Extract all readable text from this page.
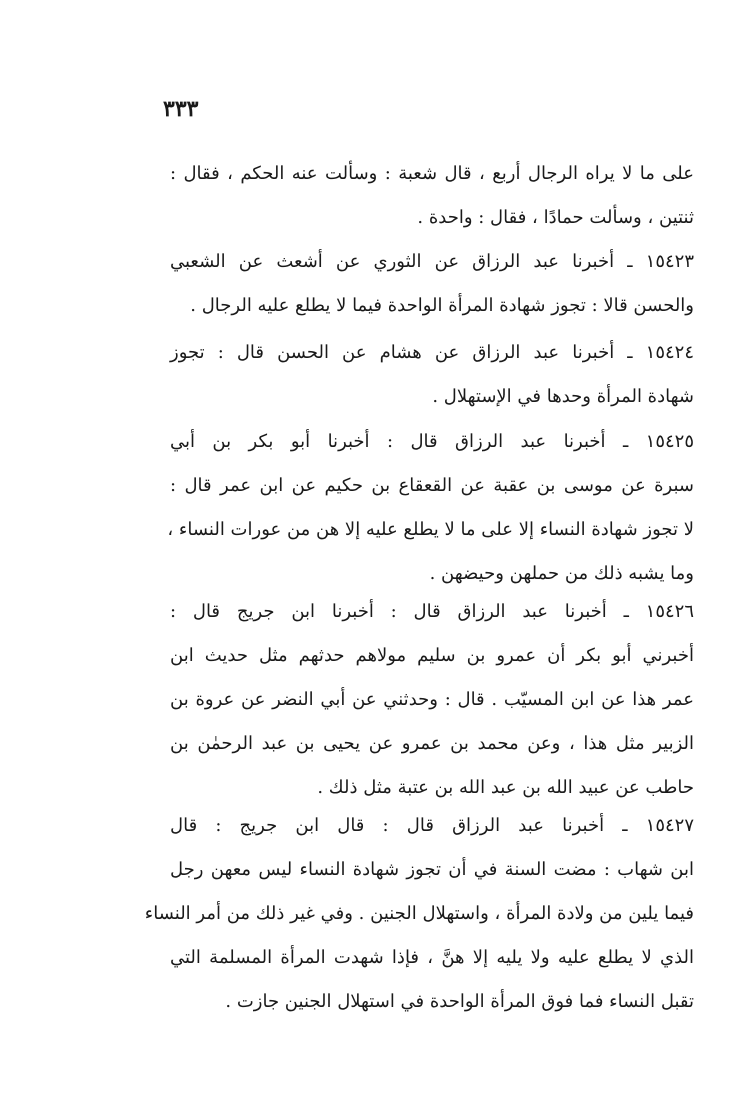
٣٣٣
على ما لا يراه الرجال أربع ، قال شعبة : وسألت عنه الحكم ، فقال :
ثنتين ، وسألت حمادًا ، فقال : واحدة .
١٥٤٢٣ ـ أخبرنا عبد الرزاق عن الثوري عن أشعث عن الشعبي
والحسن قالا : تجوز شهادة المرأة الواحدة فيما لا يطلع عليه الرجال .
١٥٤٢٤ ـ أخبرنا عبد الرزاق عن هشام عن الحسن قال : تجوز
شهادة المرأة وحدها في الإستهلال .
١٥٤٢٥ ـ أخبرنا عبد الرزاق قال : أخبرنا أبو بكر بن أبي
سبرة عن موسى بن عقبة عن القعقاع بن حكيم عن ابن عمر قال :
لا تجوز شهادة النساء إلا على ما لا يطلع عليه إلا هن من عورات النساء ،
وما يشبه ذلك من حملهن وحيضهن .
١٥٤٢٦ ـ أخبرنا عبد الرزاق قال : أخبرنا ابن جريج قال :
أخبرني أبو بكر أن عمرو بن سليم مولاهم حدثهم مثل حديث ابن
عمر هذا عن ابن المسيّب . قال : وحدثني عن أبي النضر عن عروة بن
الزبير مثل هذا ، وعن محمد بن عمرو عن يحيى بن عبد الرحمٰن بن
حاطب عن عبيد الله بن عبد الله بن عتبة مثل ذلك .
١٥٤٢٧ ـ أخبرنا عبد الرزاق قال : قال ابن جريج : قال
ابن شهاب : مضت السنة في أن تجوز شهادة النساء ليس معهن رجل
فيما يلين من ولادة المرأة ، واستهلال الجنين . وفي غير ذلك من أمر النساء
الذي لا يطلع عليه ولا يليه إلا هنَّ ، فإذا شهدت المرأة المسلمة التي
تقبل النساء فما فوق المرأة الواحدة في استهلال الجنين جازت .
